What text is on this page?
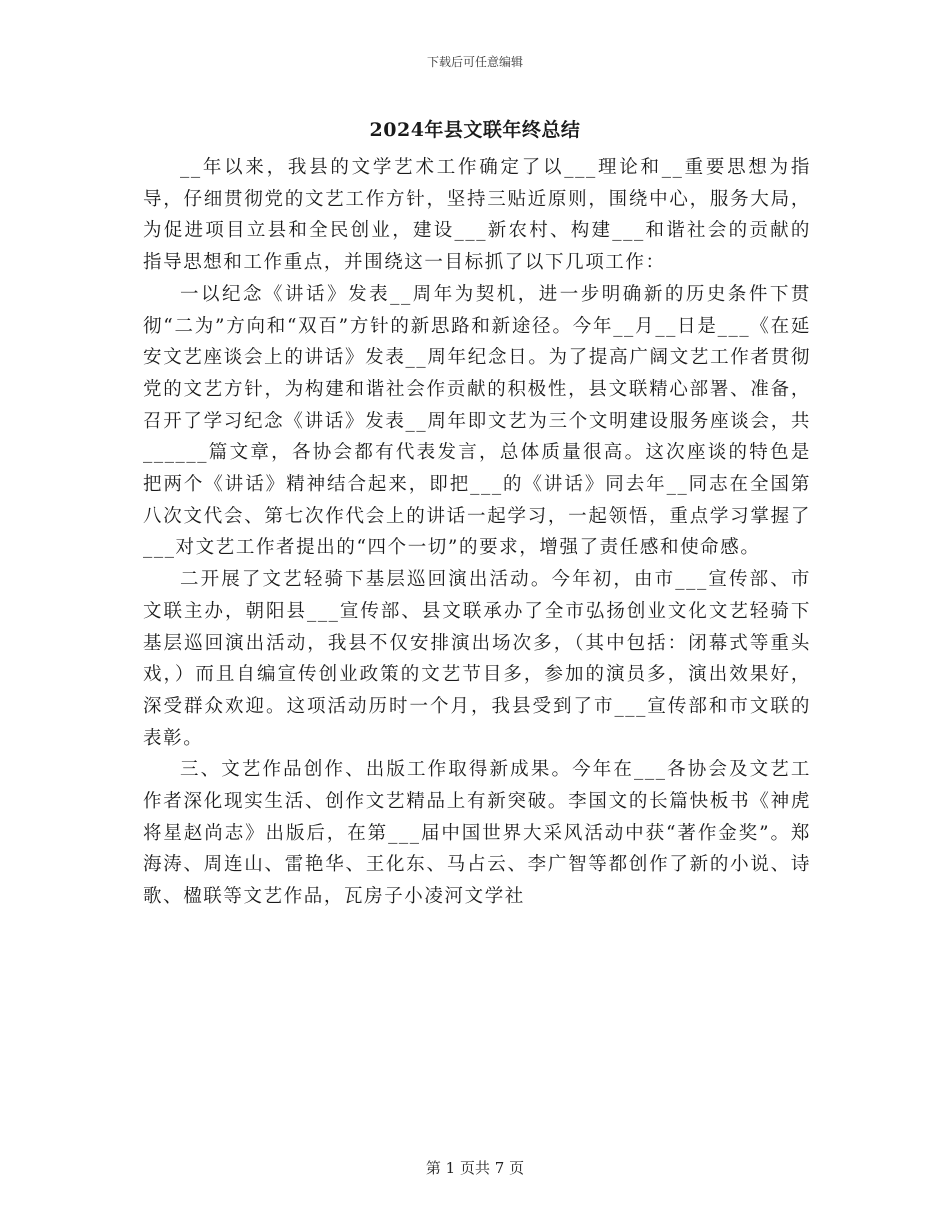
下载后可任意编辑
2024年县文联年终总结

__年以来，我县的文学艺术工作确定了以___理论和__重要思想为指导，仔细贯彻党的文艺工作方针，坚持三贴近原则，围绕中心，服务大局，为促进项目立县和全民创业，建设___新农村、构建___和谐社会的贡献的指导思想和工作重点，并围绕这一目标抓了以下几项工作：

一以纪念《讲话》发表__周年为契机，进一步明确新的历史条件下贯彻“二为”方向和“双百”方针的新思路和新途径。今年__月__日是___《在延安文艺座谈会上的讲话》发表__周年纪念日。为了提高广阔文艺工作者贯彻党的文艺方针，为构建和谐社会作贡献的积极性，县文联精心部署、准备，召开了学习纪念《讲话》发表__周年即文艺为三个文明建设服务座谈会，共______篇文章，各协会都有代表发言，总体质量很高。这次座谈的特色是把两个《讲话》精神结合起来，即把___的《讲话》同去年__同志在全国第八次文代会、第七次作代会上的讲话一起学习，一起领悟，重点学习掌握了___对文艺工作者提出的“四个一切”的要求，增强了责任感和使命感。

二开展了文艺轻骑下基层巡回演出活动。今年初，由市___宣传部、市文联主办，朝阳县___宣传部、县文联承办了全市弘扬创业文化文艺轻骑下基层巡回演出活动，我县不仅安排演出场次多，（其中包括：闭幕式等重头戏，）而且自编宣传创业政策的文艺节目多，参加的演员多，演出效果好，深受群众欢迎。这项活动历时一个月，我县受到了市___宣传部和市文联的表彰。

三、文艺作品创作、出版工作取得新成果。今年在___各协会及文艺工作者深化现实生活、创作文艺精品上有新突破。李国文的长篇快板书《神虎将星赵尚志》出版后，在第___届中国世界大采风活动中获“著作金奖”。郑海涛、周连山、雷艳华、王化东、马占云、李广智等都创作了新的小说、诗歌、楹联等文艺作品，瓦房子小凌河文学社

第 1 页共 7 页
